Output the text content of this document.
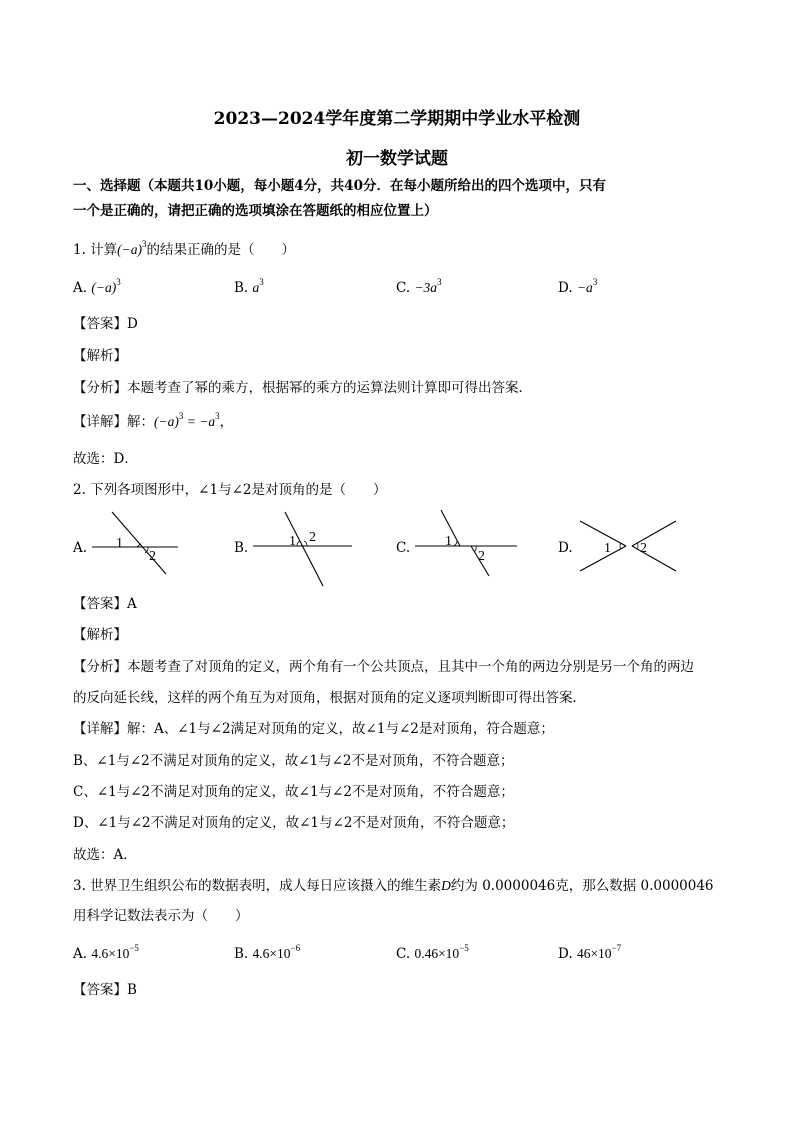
2023—2024学年度第二学期期中学业水平检测
初一数学试题
一、选择题（本题共10小题，每小题4分，共40分．在每小题所给出的四个选项中，只有
一个是正确的，请把正确的选项填涂在答题纸的相应位置上）
1. 计算$(-a)^3$的结果正确的是（　　）
A. $(-a)^3$	B. $a^3$	C. $-3a^3$	D. $-a^3$
【答案】D
【解析】
【分析】本题考查了幂的乘方，根据幂的乘方的运算法则计算即可得出答案．
【详解】解：$(-a)^3 = -a^3$，
故选：D．
2. 下列各项图形中，∠1与∠2是对顶角的是（　　）
A.	B.	C.	D.
1
2
1 2	1
2
1 2
【答案】A
【解析】
【分析】本题考查了对顶角的定义，两个角有一个公共顶点，且其中一个角的两边分别是另一个角的两边
的反向延长线，这样的两个角互为对顶角，根据对顶角的定义逐项判断即可得出答案．
【详解】解：A、∠1与∠2满足对顶角的定义，故∠1与∠2是对顶角，符合题意；
B、∠1与∠2不满足对顶角的定义，故∠1与∠2不是对顶角，不符合题意；
C、∠1与∠2不满足对顶角的定义，故∠1与∠2不是对顶角，不符合题意；
D、∠1与∠2不满足对顶角的定义，故∠1与∠2不是对顶角，不符合题意；
故选：A．
3. 世界卫生组织公布的数据表明，成人每日应该摄入的维生素D约为 0.0000046克，那么数据 0.0000046
用科学记数法表示为（　　）
A. $4.6\times 10^{-5}$	B. $4.6\times 10^{-6}$	C. $0.46\times 10^{-5}$	D. $46\times 10^{-7}$
【答案】B
